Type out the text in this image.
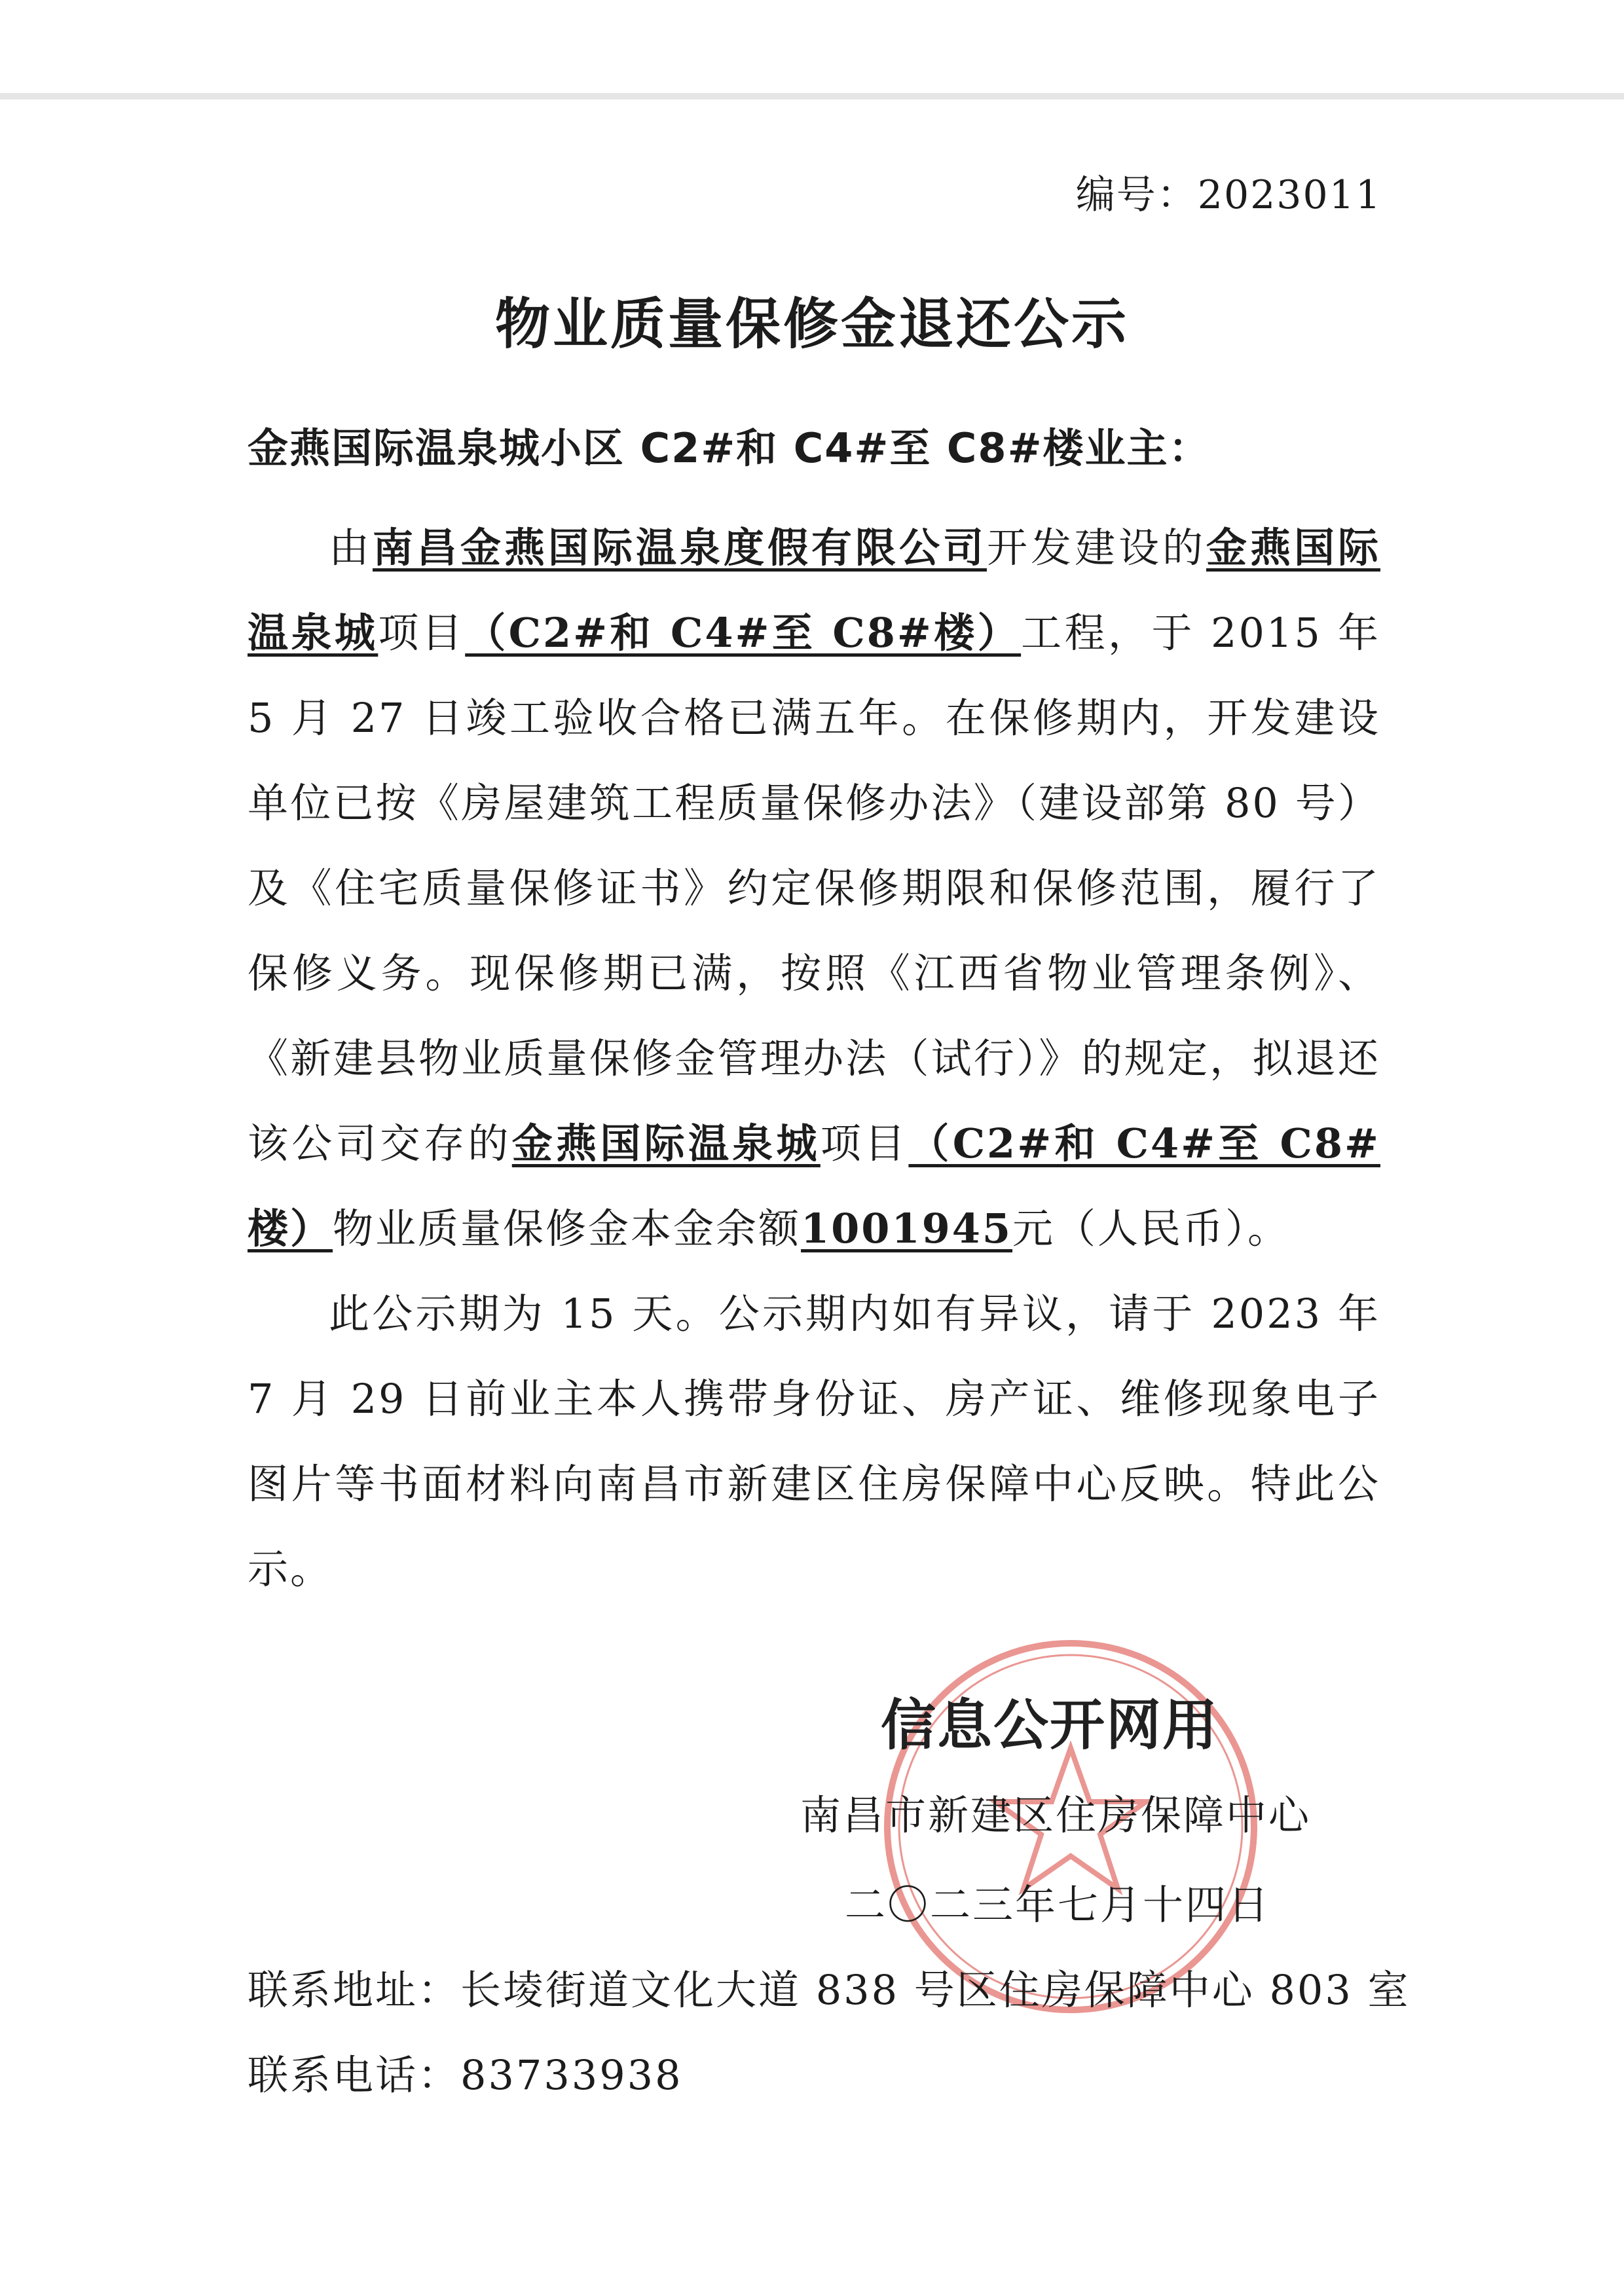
编号：2023011
物业质量保修金退还公示
金燕国际温泉城小区 C2#和 C4#至 C8#楼业主：

由南昌金燕国际温泉度假有限公司开发建设的金燕国际温泉城项目（C2#和 C4#至 C8#楼）工程，于 2015 年 5 月 27 日竣工验收合格已满五年。在保修期内，开发建设单位已按《房屋建筑工程质量保修办法》（建设部第 80 号）及《住宅质量保修证书》约定保修期限和保修范围，履行了保修义务。现保修期已满，按照《江西省物业管理条例》、《新建县物业质量保修金管理办法（试行）》的规定，拟退还该公司交存的金燕国际温泉城项目（C2#和 C4#至 C8#楼）物业质量保修金本金余额1001945元（人民币）。

此公示期为 15 天。公示期内如有异议，请于 2023 年 7 月 29 日前业主本人携带身份证、房产证、维修现象电子图片等书面材料向南昌市新建区住房保障中心反映。特此公示。

信息公开网用
南昌市新建区住房保障中心
二〇二三年七月十四日
联系地址：长堎街道文化大道 838 号区住房保障中心 803 室
联系电话：83733938
